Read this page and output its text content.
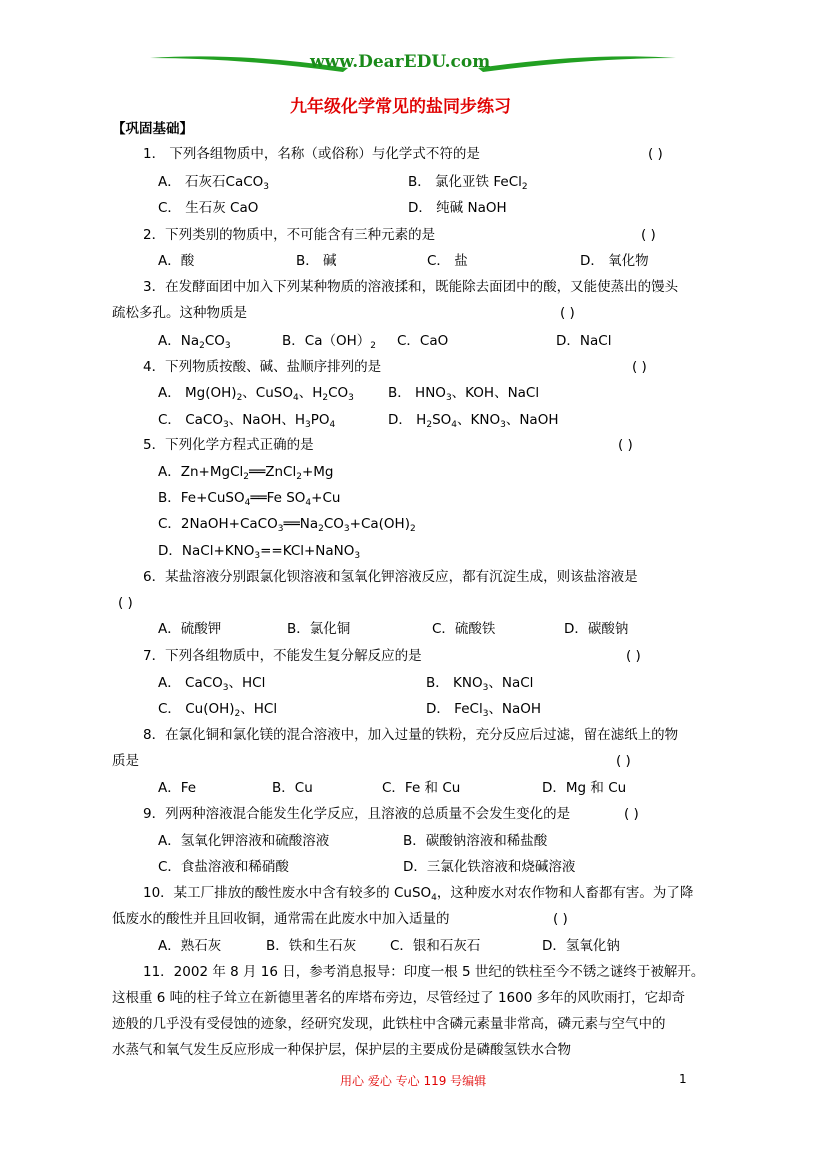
www.DearEDU.com
九年级化学常见的盐同步练习
【巩固基础】
1． 下列各组物质中，名称（或俗称）与化学式不符的是	( )
A． 石灰石CaCO$_3$	B． 氯化亚铁 FeCl$_2$
C． 生石灰 CaO	D． 纯碱 NaOH
2．下列类别的物质中，不可能含有三种元素的是	( )
A．酸	B． 碱	C． 盐	D． 氧化物
3．在发酵面团中加入下列某种物质的溶液揉和，既能除去面团中的酸，又能使蒸出的馒头
疏松多孔。这种物质是	( )
A．$Na_2CO_3$	B．$Ca(OH)_2$ C．CaO	D．NaCl
4．下列物质按酸、碱、盐顺序排列的是	( )
A． $Mg(OH)_2$、CuSO$_4$、$H_2CO_3$	B． $HNO_3$、KOH、NaCl
C． CaCO$_3$、NaOH、$H_3PO_4$	D． $H_2SO_4$、$KNO_3$、NaOH
5．下列化学方程式正确的是	( )
A．Zn+MgCl$_2$══ZnCl$_2$+Mg
B．Fe+CuSO$_4$══Fe $SO_4+Cu$
C．$2NaOH+CaCO_3══Na_2CO_3+Ca(OH)_2$
D．$NaCl+KNO_3==KCl+NaNO_3$
6．某盐溶液分别跟氯化钡溶液和氢氧化钾溶液反应，都有沉淀生成，则该盐溶液是
( )
A．硫酸钾	B．氯化铜	C．硫酸铁	D．碳酸钠
7．下列各组物质中，不能发生复分解反应的是	( )
A． CaCO$_3$、HCl	B． $KNO_3$、NaCl
C． $Cu(OH)_2$、HCl	D． FeCl$_3$、NaOH
8．在氯化铜和氯化镁的混合溶液中，加入过量的铁粉，充分反应后过滤，留在滤纸上的物
质是	( )
A．Fe	B．Cu	C．Fe 和 Cu	D．Mg 和 Cu
9．列两种溶液混合能发生化学反应，且溶液的总质量不会发生变化的是	( )
A．氢氧化钾溶液和硫酸溶液	B．碳酸钠溶液和稀盐酸
C．食盐溶液和稀硝酸	D．三氯化铁溶液和烧碱溶液
10．某工厂排放的酸性废水中含有较多的 CuSO$_4$，这种废水对农作物和人畜都有害。为了降
低废水的酸性并且回收铜，通常需在此废水中加入适量的	( )
A．熟石灰	B．铁和生石灰 C．银和石灰石	D．氢氧化钠
11．2002 年 8 月 16 日，参考消息报导：印度一根 5 世纪的铁柱至今不锈之谜终于被解开。
这根重 6 吨的柱子耸立在新德里著名的库塔布旁边，尽管经过了 1600 多年的风吹雨打，它却奇
迹般的几乎没有受侵蚀的迹象，经研究发现，此铁柱中含磷元素量非常高，磷元素与空气中的
水蒸气和氧气发生反应形成一种保护层，保护层的主要成份是磷酸氢铁水合物
用心 爱心 专心 119 号编辑	1
